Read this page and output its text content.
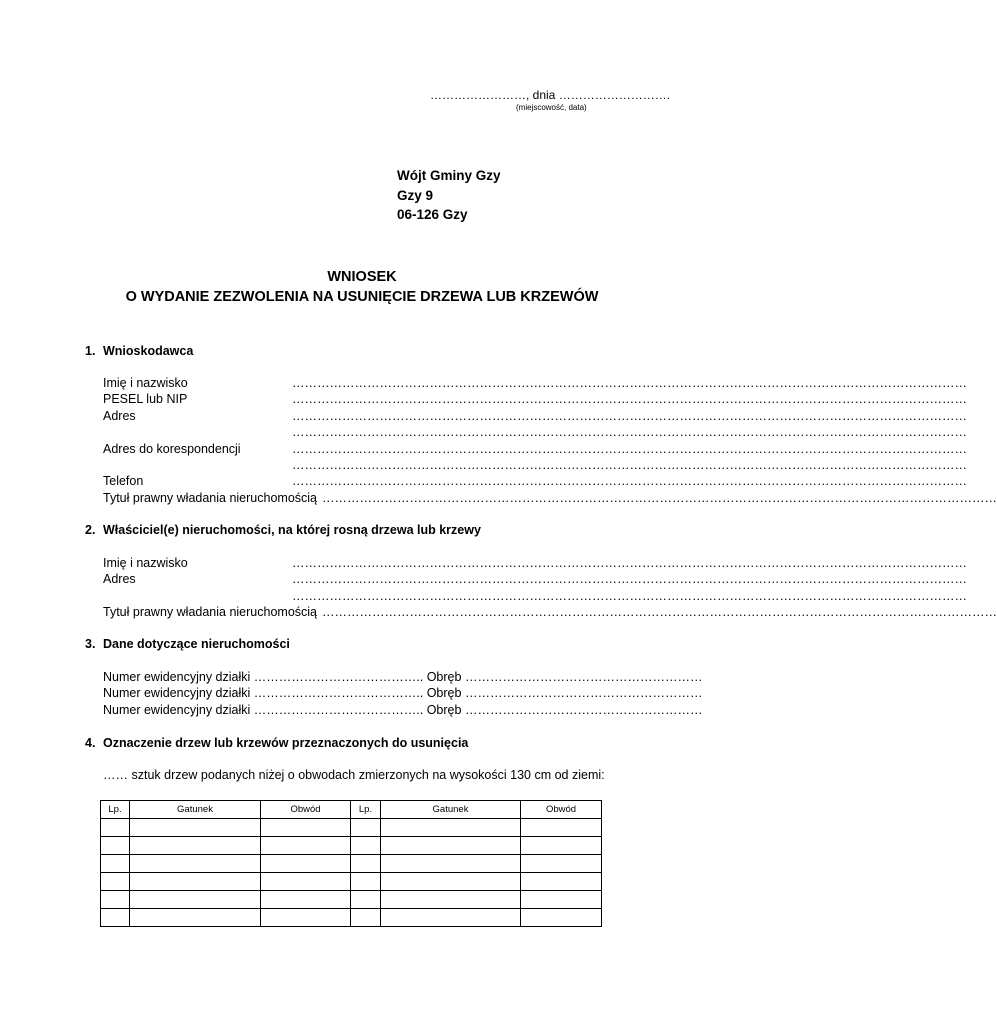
……………………, dnia ……………………….
(miejscowość, data)
Wójt Gminy Gzy
Gzy 9
06-126 Gzy
WNIOSEK
O WYDANIE ZEZWOLENIA NA USUNIĘCIE DRZEWA LUB KRZEWÓW
1. Wnioskodawca
Imię i nazwisko	………………………………………………………………………………………………………………………………………………
PESEL lub NIP	………………………………………………………………………………………………………………………………………………
Adres	………………………………………………………………………………………………………………………………………………
………………………………………………………………………………………………………………………………………………
Adres do korespondencji	………………………………………………………………………………………………………………………………………………
………………………………………………………………………………………………………………………………………………
Telefon	………………………………………………………………………………………………………………………………………………
Tytuł prawny władania nieruchomością ………………………………………………………………………………………………………………………………………………
2. Właściciel(e) nieruchomości, na której rosną drzewa lub krzewy
Imię i nazwisko	………………………………………………………………………………………………………………………………………………
Adres	………………………………………………………………………………………………………………………………………………
………………………………………………………………………………………………………………………………………………
Tytuł prawny władania nieruchomością ………………………………………………………………………………………………………………………………………………
3. Dane dotyczące nieruchomości
Numer ewidencyjny działki ………………………………….. Obręb …………………………………………………
Numer ewidencyjny działki ………………………………….. Obręb …………………………………………………
Numer ewidencyjny działki ………………………………….. Obręb …………………………………………………
4. Oznaczenie drzew lub krzewów przeznaczonych do usunięcia
…… sztuk drzew podanych niżej o obwodach zmierzonych na wysokości 130 cm od ziemi:
Lp.	Gatunek	Obwód	Lp.	Gatunek	Obwód
